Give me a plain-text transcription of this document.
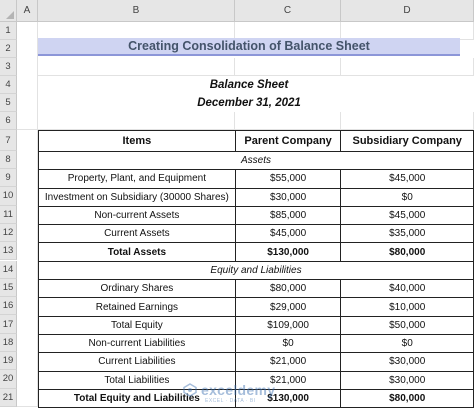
A	B	C	D
1
2
3
4
5
6
7
8
9
10
11
12
13
14
15
16
17
18
19
20
21
Creating Consolidation of Balance Sheet
Balance Sheet
December 31, 2021
Items	Parent Company	Subsidiary Company
Assets		
Property, Plant, and Equipment	$55,000	$45,000
Investment on Subsidiary (30000 Shares)	$30,000	$0
Non-current Assets	$85,000	$45,000
Current Assets	$45,000	$35,000
Total Assets	$130,000	$80,000
Equity and Liabilities		
Ordinary Shares	$80,000	$40,000
Retained Earnings	$29,000	$10,000
Total Equity	$109,000	$50,000
Non-current Liabilities	$0	$0
Current Liabilities	$21,000	$30,000
Total Liabilities	$21,000	$30,000
Total Equity and Liabilities	$130,000	$80,000
exceldemy
EXCEL · DATA · BI
